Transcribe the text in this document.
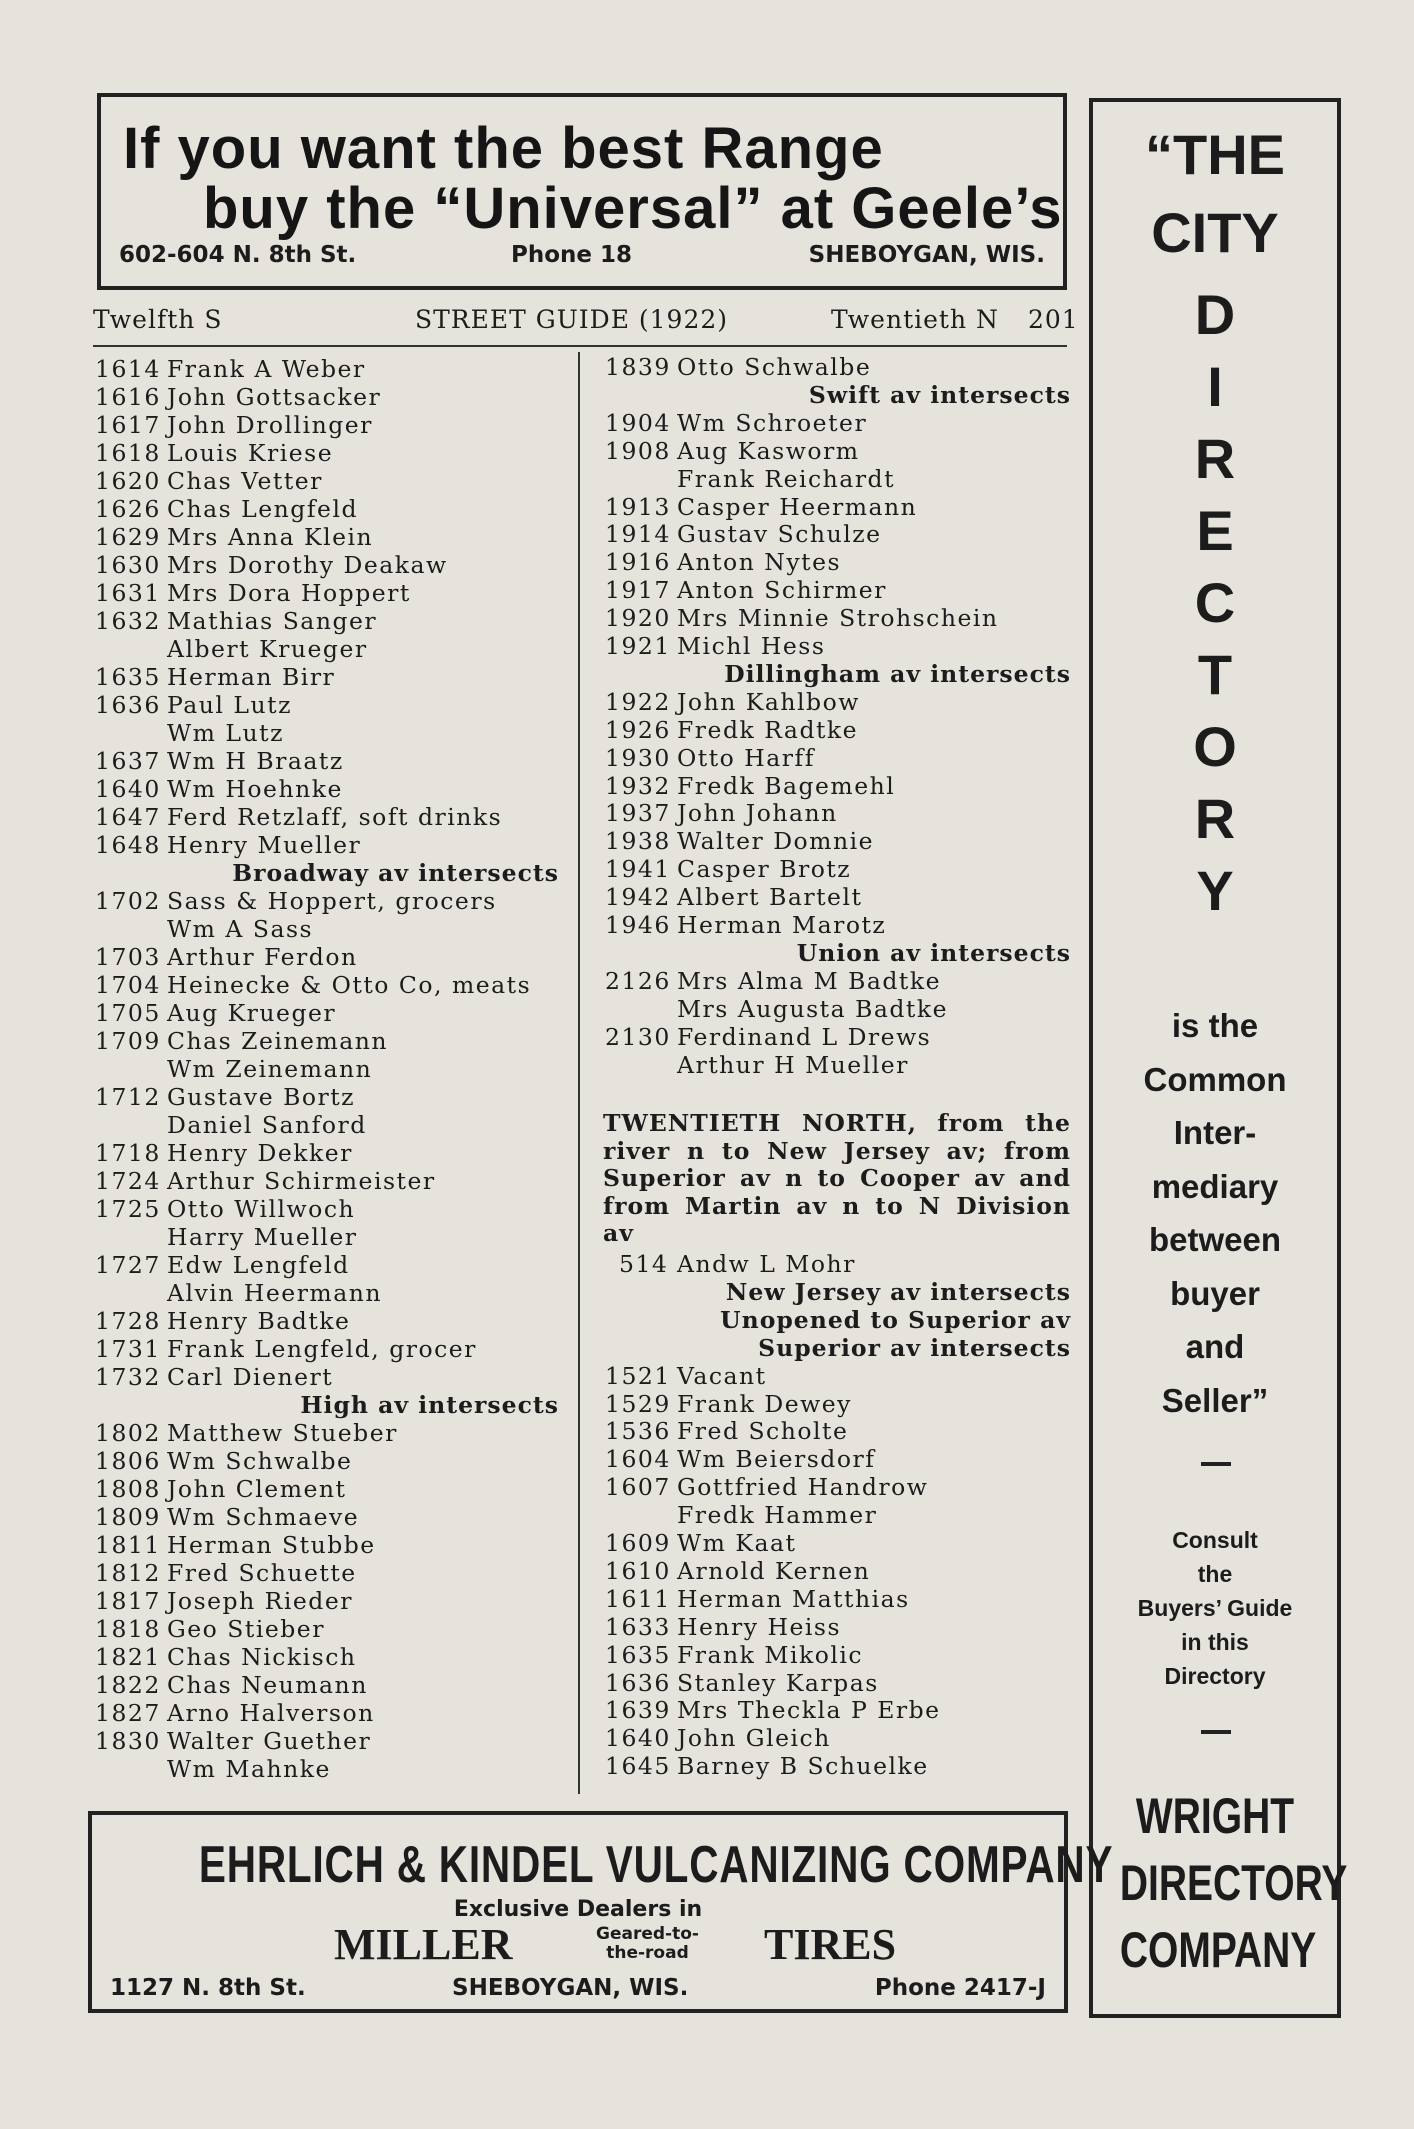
If you want the best Range
buy the “Universal” at Geele’s
602-604 N. 8th St.	Phone 18	SHEBOYGAN, WIS.
Twelfth S	STREET GUIDE (1922)	Twentieth N 201
1614 Frank A Weber
1616 John Gottsacker
1617 John Drollinger
1618 Louis Kriese
1620 Chas Vetter
1626 Chas Lengfeld
1629 Mrs Anna Klein
1630 Mrs Dorothy Deakaw
1631 Mrs Dora Hoppert
1632 Mathias Sanger
Albert Krueger
1635 Herman Birr
1636 Paul Lutz
Wm Lutz
1637 Wm H Braatz
1640 Wm Hoehnke
1647 Ferd Retzlaff, soft drinks
1648 Henry Mueller
Broadway av intersects
1702 Sass & Hoppert, grocers
Wm A Sass
1703 Arthur Ferdon
1704 Heinecke & Otto Co, meats
1705 Aug Krueger
1709 Chas Zeinemann
Wm Zeinemann
1712 Gustave Bortz
Daniel Sanford
1718 Henry Dekker
1724 Arthur Schirmeister
1725 Otto Willwoch
Harry Mueller
1727 Edw Lengfeld
Alvin Heermann
1728 Henry Badtke
1731 Frank Lengfeld, grocer
1732 Carl Dienert
High av intersects
1802 Matthew Stueber
1806 Wm Schwalbe
1808 John Clement
1809 Wm Schmaeve
1811 Herman Stubbe
1812 Fred Schuette
1817 Joseph Rieder
1818 Geo Stieber
1821 Chas Nickisch
1822 Chas Neumann
1827 Arno Halverson
1830 Walter Guether
Wm Mahnke
1839 Otto Schwalbe
Swift av intersects
1904 Wm Schroeter
1908 Aug Kasworm
Frank Reichardt
1913 Casper Heermann
1914 Gustav Schulze
1916 Anton Nytes
1917 Anton Schirmer
1920 Mrs Minnie Strohschein
1921 Michl Hess
Dillingham av intersects
1922 John Kahlbow
1926 Fredk Radtke
1930 Otto Harff
1932 Fredk Bagemehl
1937 John Johann
1938 Walter Domnie
1941 Casper Brotz
1942 Albert Bartelt
1946 Herman Marotz
Union av intersects
2126 Mrs Alma M Badtke
Mrs Augusta Badtke
2130 Ferdinand L Drews
Arthur H Mueller
TWENTIETH NORTH, from the river n to New Jersey av; from Superior av n to Cooper av and from Martin av n to N Division av
514 Andw L Mohr
New Jersey av intersects
Unopened to Superior av
Superior av intersects
1521 Vacant
1529 Frank Dewey
1536 Fred Scholte
1604 Wm Beiersdorf
1607 Gottfried Handrow
Fredk Hammer
1609 Wm Kaat
1610 Arnold Kernen
1611 Herman Matthias
1633 Henry Heiss
1635 Frank Mikolic
1636 Stanley Karpas
1639 Mrs Theckla P Erbe
1640 John Gleich
1645 Barney B Schuelke
“THE
CITY
D
I
R
E
C
T
O
R
Y
is the
Common
Inter-
mediary
between
buyer
and
Seller”
Consult
the
Buyers’ Guide
in this
Directory
WRIGHT
DIRECTORY
COMPANY
EHRLICH & KINDEL VULCANIZING COMPANY
Exclusive Dealers in
MILLER	Geared-to-
the-road TIRES
1127 N. 8th St.	SHEBOYGAN, WIS.	Phone 2417-J
